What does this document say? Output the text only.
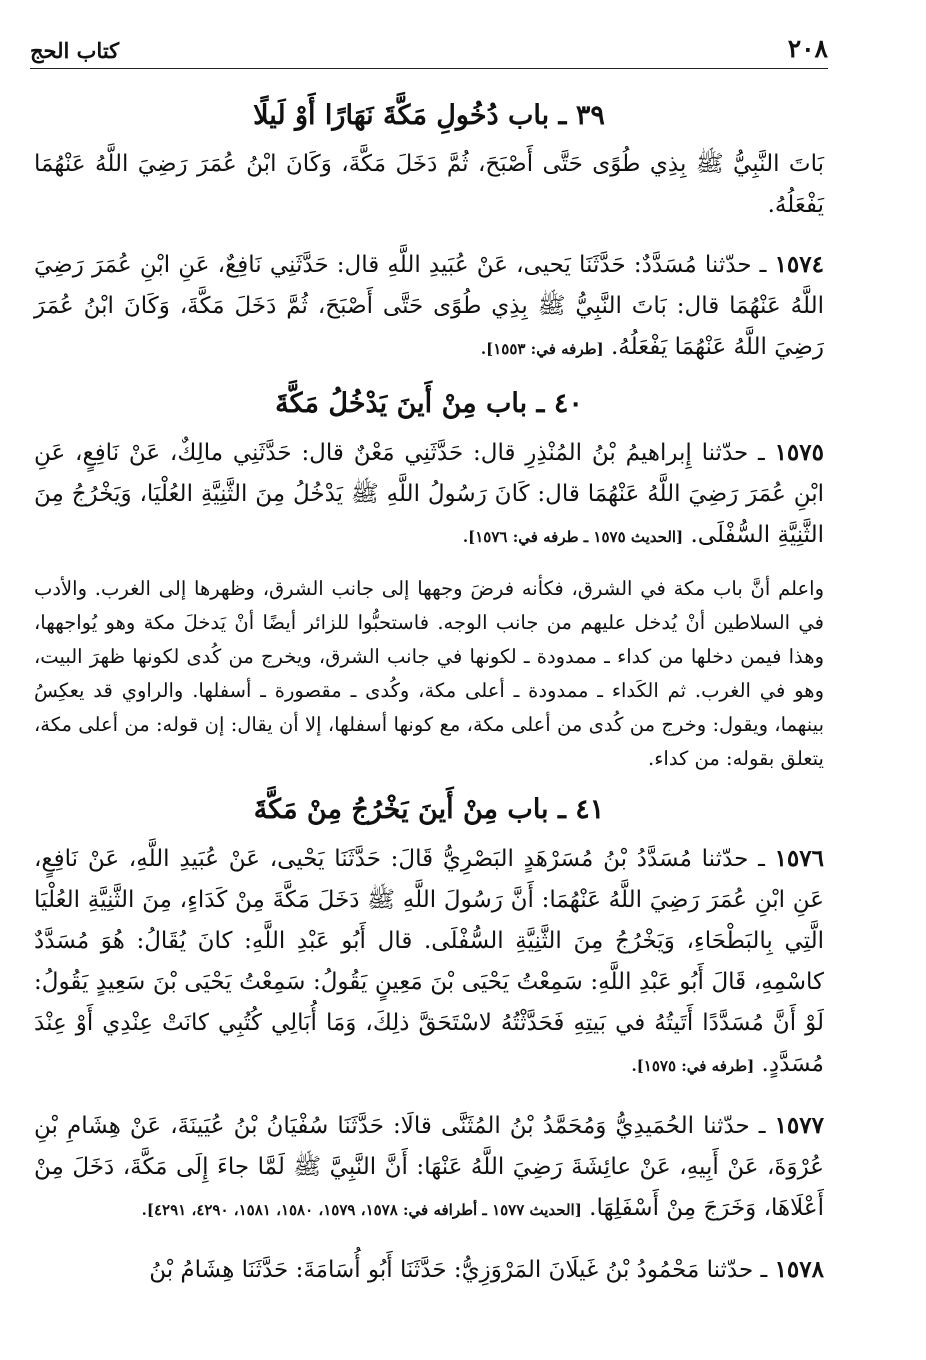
٢٠٨
كتاب الحج
٣٩ ـ باب دُخُولِ مَكَّةَ نَهَارًا أَوْ لَيلًا

بَاتَ النَّبِيُّ ﷺ بِذِي طُوًى حَتَّى أَصْبَحَ، ثُمَّ دَخَلَ مَكَّةَ، وَكَانَ ابْنُ عُمَرَ رَضِيَ اللَّهُ عَنْهُمَا يَفْعَلُهُ.

١٥٧٤ ـ حدّثنا مُسَدَّدٌ: حَدَّثَنَا يَحيى، عَنْ عُبَيدِ اللَّهِ قال: حَدَّثَنِي نَافِعٌ، عَنِ ابْنِ عُمَرَ رَضِيَ اللَّهُ عَنْهُمَا قال: بَاتَ النَّبِيُّ ﷺ بِذِي طُوًى حَتَّى أَصْبَحَ، ثُمَّ دَخَلَ مَكَّةَ، وَكَانَ ابْنُ عُمَرَ رَضِيَ اللَّهُ عَنْهُمَا يَفْعَلُهُ. [طرفه في: ١٥٥٣].

٤٠ ـ باب مِنْ أَينَ يَدْخُلُ مَكَّةَ

١٥٧٥ ـ حدّثنا إِبراهيمُ بْنُ المُنْذِرِ قال: حَدَّثَنِي مَعْنٌ قال: حَدَّثَنِي مالِكٌ، عَنْ نَافِعٍ، عَنِ ابْنِ عُمَرَ رَضِيَ اللَّهُ عَنْهُمَا قال: كَانَ رَسُولُ اللَّهِ ﷺ يَدْخُلُ مِنَ الثَّنِيَّةِ العُلْيَا، وَيَخْرُجُ مِنَ الثَّنِيَّةِ السُّفْلَى. [الحديث ١٥٧٥ ـ طرفه في: ١٥٧٦].

واعلم أنَّ باب مكة في الشرق، فكأنه فرضَ وجهها إلى جانب الشرق، وظهرها إلى الغرب. والأدب في السلاطين أنْ يُدخل عليهم من جانب الوجه. فاستحبُّوا للزائر أيضًا أنْ يَدخلَ مكة وهو يُواجهها، وهذا فيمن دخلها من كداء ـ ممدودة ـ لكونها في جانب الشرق، ويخرج من كُدى لكونها ظهرَ البيت، وهو في الغرب. ثم الكَداء ـ ممدودة ـ أعلى مكة، وكُدى ـ مقصورة ـ أسفلها. والراوي قد يعكِسُ بينهما، ويقول: وخرج من كُدى من أعلى مكة، مع كونها أسفلها، إلا أن يقال: إن قوله: من أعلى مكة، يتعلق بقوله: من كداء.

٤١ ـ باب مِنْ أَينَ يَخْرُجُ مِنْ مَكَّةَ

١٥٧٦ ـ حدّثنا مُسَدَّدُ بْنُ مُسَرْهَدٍ البَصْرِيُّ قَالَ: حَدَّثَنَا يَحْيى، عَنْ عُبَيدِ اللَّهِ، عَنْ نَافِعٍ، عَنِ ابْنِ عُمَرَ رَضِيَ اللَّهُ عَنْهُمَا: أَنَّ رَسُولَ اللَّهِ ﷺ دَخَلَ مَكَّةَ مِنْ كَدَاءٍ، مِنَ الثَّنِيَّةِ العُلْيَا الَّتِي بِالبَطْحَاءِ، وَيَخْرُجُ مِنَ الثَّنِيَّةِ السُّفْلَى. قال أَبُو عَبْدِ اللَّهِ: كانَ يُقَالُ: هُوَ مُسَدَّدٌ كاسْمِهِ، قَالَ أَبُو عَبْدِ اللَّهِ: سَمِعْتُ يَحْيَى بْنَ مَعِينٍ يَقُولُ: سَمِعْتُ يَحْيَى بْنَ سَعِيدٍ يَقُولُ: لَوْ أَنَّ مُسَدَّدًا أَتَيتُهُ في بَيتِهِ فَحَدَّثْتُهُ لاسْتَحَقَّ ذلِكَ، وَمَا أُبَالِي كُتُبِي كانَتْ عِنْدِي أَوْ عِنْدَ مُسَدَّدٍ. [طرفه في: ١٥٧٥].

١٥٧٧ ـ حدّثنا الحُمَيدِيُّ وَمُحَمَّدُ بْنُ المُثَنَّى قالَا: حَدَّثَنَا سُفْيَانُ بْنُ عُيَينَةَ، عَنْ هِشَامِ بْنِ عُرْوَةَ، عَنْ أَبِيهِ، عَنْ عائِشَةَ رَضِيَ اللَّهُ عَنْهَا: أَنَّ النَّبِيَّ ﷺ لَمَّا جاءَ إِلَى مَكَّةَ، دَخَلَ مِنْ أَعْلَاهَا، وَخَرَجَ مِنْ أَسْفَلِهَا. [الحديث ١٥٧٧ ـ أطرافه في: ١٥٧٨، ١٥٧٩، ١٥٨٠، ١٥٨١، ٤٢٩٠، ٤٢٩١].

١٥٧٨ ـ حدّثنا مَحْمُودُ بْنُ غَيلَانَ المَرْوَزِيُّ: حَدَّثَنَا أَبُو أُسَامَةَ: حَدَّثَنَا هِشَامُ بْنُ
